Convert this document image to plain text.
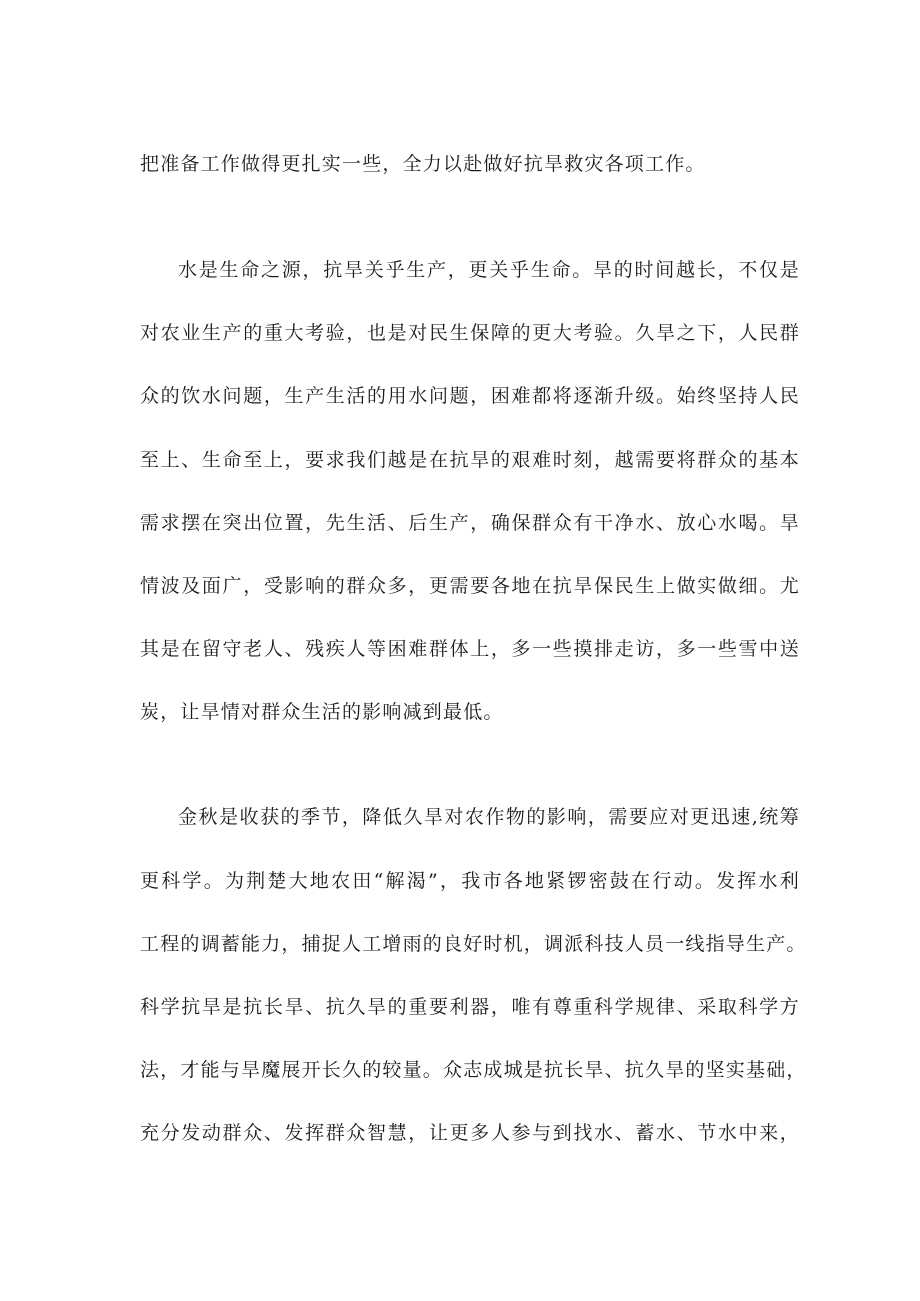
把准备工作做得更扎实一些，全力以赴做好抗旱救灾各项工作。
水是生命之源，抗旱关乎生产，更关乎生命。旱的时间越长，不仅是
对农业生产的重大考验，也是对民生保障的更大考验。久旱之下，人民群
众的饮水问题，生产生活的用水问题，困难都将逐渐升级。始终坚持人民
至上、生命至上，要求我们越是在抗旱的艰难时刻，越需要将群众的基本
需求摆在突出位置，先生活、后生产，确保群众有干净水、放心水喝。旱
情波及面广，受影响的群众多，更需要各地在抗旱保民生上做实做细。尤
其是在留守老人、残疾人等困难群体上，多一些摸排走访，多一些雪中送
炭，让旱情对群众生活的影响减到最低。
金秋是收获的季节，降低久旱对农作物的影响，需要应对更迅速,统筹
更科学。为荆楚大地农田“解渴”，我市各地紧锣密鼓在行动。发挥水利
工程的调蓄能力，捕捉人工增雨的良好时机，调派科技人员一线指导生产。
科学抗旱是抗长旱、抗久旱的重要利器，唯有尊重科学规律、采取科学方
法，才能与旱魔展开长久的较量。众志成城是抗长旱、抗久旱的坚实基础，
充分发动群众、发挥群众智慧，让更多人参与到找水、蓄水、节水中来，
